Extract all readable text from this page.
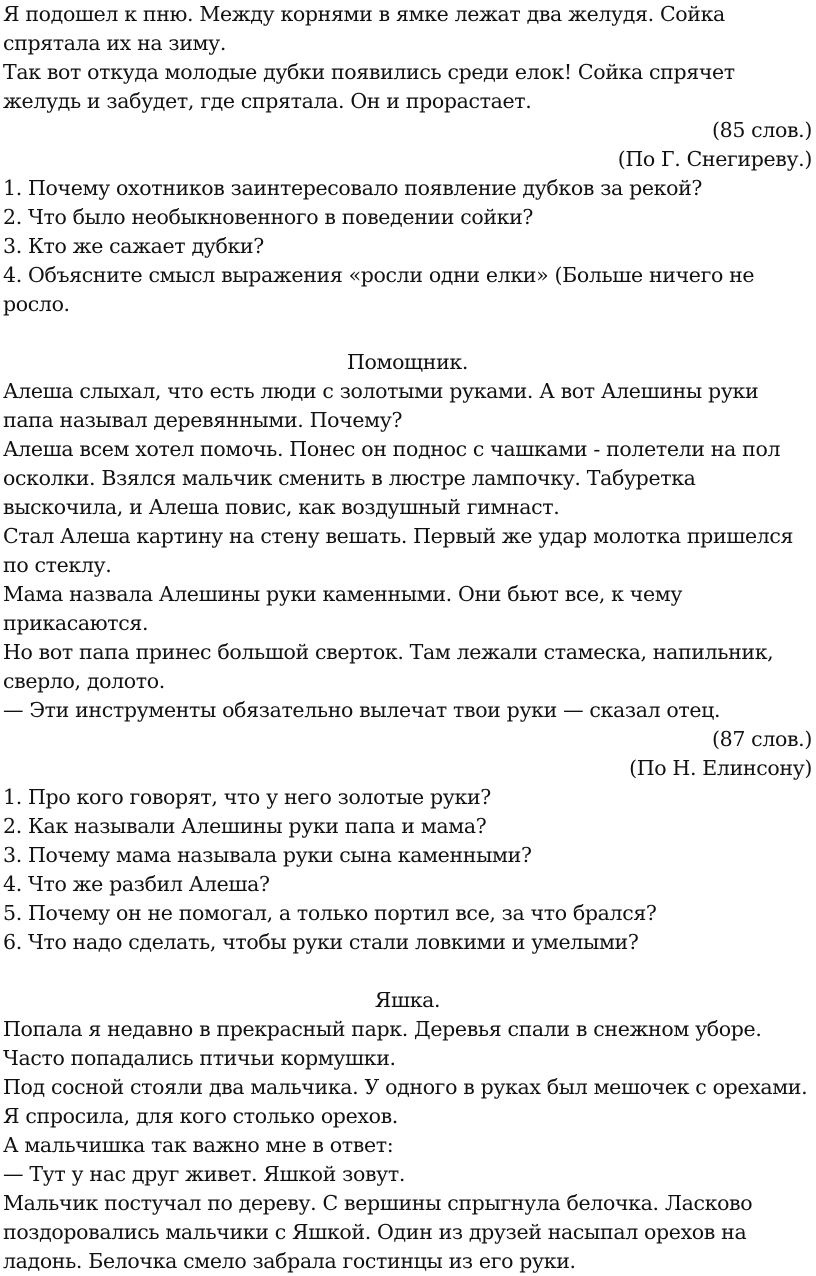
Я подошел к пню. Между корнями в ямке лежат два желудя. Сойка спрятала их на зиму.

Так вот откуда молодые дубки появились среди елок! Сойка спрячет желудь и забудет, где спрятала. Он и прорастает.

(85 слов.)

(По Г. Снегиреву.)

1. Почему охотников заинтересовало появление дубков за рекой?
2. Что было необыкновенного в поведении сойки?
3. Кто же сажает дубки?
4. Объясните смысл выражения «росли одни елки» (Больше ничего не росло.

Помощник.

Алеша слыхал, что есть люди с золотыми руками. А вот Алешины руки папа называл деревянными. Почему?

Алеша всем хотел помочь. Понес он поднос с чашками - полетели на пол осколки. Взялся мальчик сменить в люстре лампочку. Табуретка выскочила, и Алеша повис, как воздушный гимнаст.

Стал Алеша картину на стену вешать. Первый же удар молотка пришелся по стеклу.

Мама назвала Алешины руки каменными. Они бьют все, к чему прикасаются.

Но вот папа принес большой сверток. Там лежали стамеска, напильник, сверло, долото.

— Эти инструменты обязательно вылечат твои руки — сказал отец.

(87 слов.)

(По Н. Елинсону)

1. Про кого говорят, что у него золотые руки?
2. Как называли Алешины руки папа и мама?
3. Почему мама называла руки сына каменными?
4. Что же разбил Алеша?
5. Почему он не помогал, а только портил все, за что брался?
6. Что надо сделать, чтобы руки стали ловкими и умелыми?

Яшка.

Попала я недавно в прекрасный парк. Деревья спали в снежном уборе. Часто попадались птичьи кормушки.

Под сосной стояли два мальчика. У одного в руках был мешочек с орехами. Я спросила, для кого столько орехов.

А мальчишка так важно мне в ответ:

— Тут у нас друг живет. Яшкой зовут.

Мальчик постучал по дереву. С вершины спрыгнула белочка. Ласково поздоровались мальчики с Яшкой. Один из друзей насыпал орехов на ладонь. Белочка смело забрала гостинцы из его руки.
